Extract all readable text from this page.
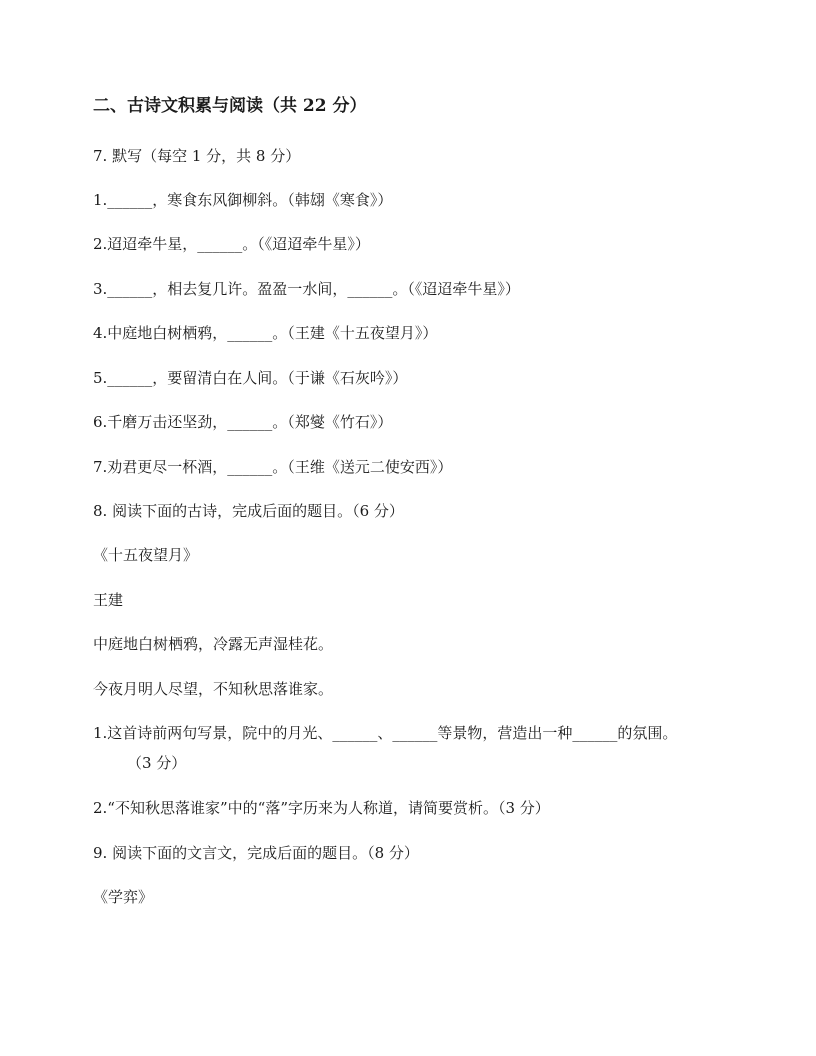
二、古诗文积累与阅读（共 22 分）
7. 默写（每空 1 分，共 8 分）
1.______，寒食东风御柳斜。（韩翃《寒食》）
2.迢迢牵牛星，______。（《迢迢牵牛星》）
3.______，相去复几许。盈盈一水间，______。（《迢迢牵牛星》）
4.中庭地白树栖鸦，______。（王建《十五夜望月》）
5.______，要留清白在人间。（于谦《石灰吟》）
6.千磨万击还坚劲，______。（郑燮《竹石》）
7.劝君更尽一杯酒，______。（王维《送元二使安西》）
8. 阅读下面的古诗，完成后面的题目。（6 分）
《十五夜望月》
王建
中庭地白树栖鸦，冷露无声湿桂花。
今夜月明人尽望，不知秋思落谁家。
1.这首诗前两句写景，院中的月光、______、______等景物，营造出一种______的氛围。
（3 分）
2.“不知秋思落谁家”中的“落”字历来为人称道，请简要赏析。（3 分）
9. 阅读下面的文言文，完成后面的题目。（8 分）
《学弈》
